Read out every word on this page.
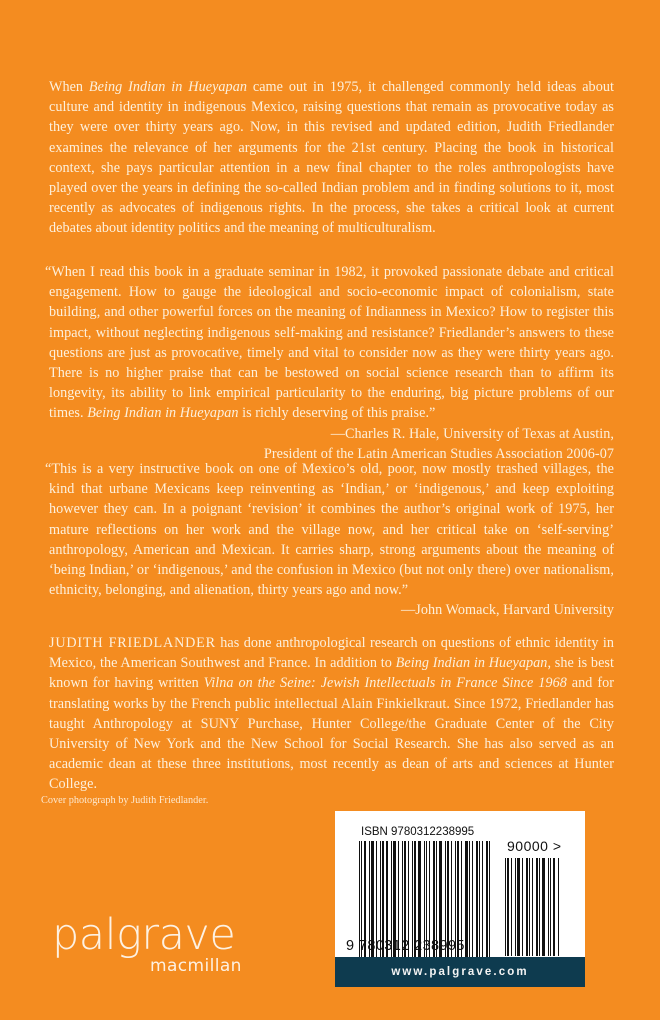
When Being Indian in Hueyapan came out in 1975, it challenged commonly held ideas about culture and identity in indigenous Mexico, raising questions that remain as provocative today as they were over thirty years ago. Now, in this revised and updated edition, Judith Friedlander examines the relevance of her arguments for the 21st century. Placing the book in historical context, she pays particular attention in a new final chapter to the roles anthropologists have played over the years in defining the so-called Indian problem and in finding solutions to it, most recently as advocates of indigenous rights. In the process, she takes a critical look at current debates about identity politics and the meaning of multiculturalism.

“When I read this book in a graduate seminar in 1982, it provoked passionate debate and critical engagement. How to gauge the ideological and socio-economic impact of colonialism, state building, and other powerful forces on the meaning of Indianness in Mexico? How to register this impact, without neglecting indigenous self-making and resistance? Friedlander’s answers to these questions are just as provocative, timely and vital to consider now as they were thirty years ago. There is no higher praise that can be bestowed on social science research than to affirm its longevity, its ability to link empirical particularity to the enduring, big picture problems of our times. Being Indian in Hueyapan is richly deserving of this praise.”

—Charles R. Hale, University of Texas at Austin,
President of the Latin American Studies Association 2006-07

“This is a very instructive book on one of Mexico’s old, poor, now mostly trashed villages, the kind that urbane Mexicans keep reinventing as ‘Indian,’ or ‘indigenous,’ and keep exploiting however they can. In a poignant ‘revision’ it combines the author’s original work of 1975, her mature reflections on her work and the village now, and her critical take on ‘self-serving’ anthropology, American and Mexican. It carries sharp, strong arguments about the meaning of ‘being Indian,’ or ‘indigenous,’ and the confusion in Mexico (but not only there) over nationalism, ethnicity, belonging, and alienation, thirty years ago and now.”

—John Womack, Harvard University

JUDITH FRIEDLANDER has done anthropological research on questions of ethnic identity in Mexico, the American Southwest and France. In addition to Being Indian in Hueyapan, she is best known for having written Vilna on the Seine: Jewish Intellectuals in France Since 1968 and for translating works by the French public intellectual Alain Finkielkraut. Since 1972, Friedlander has taught Anthropology at SUNY Purchase, Hunter College/the Graduate Center of the City University of New York and the New School for Social Research. She has also served as an academic dean at these three institutions, most recently as dean of arts and sciences at Hunter College.

Cover photograph by Judith Friedlander.
ISBN 9780312238995
90000 >
9 780312 238995
www.palgrave.com
palgrave
macmillan
